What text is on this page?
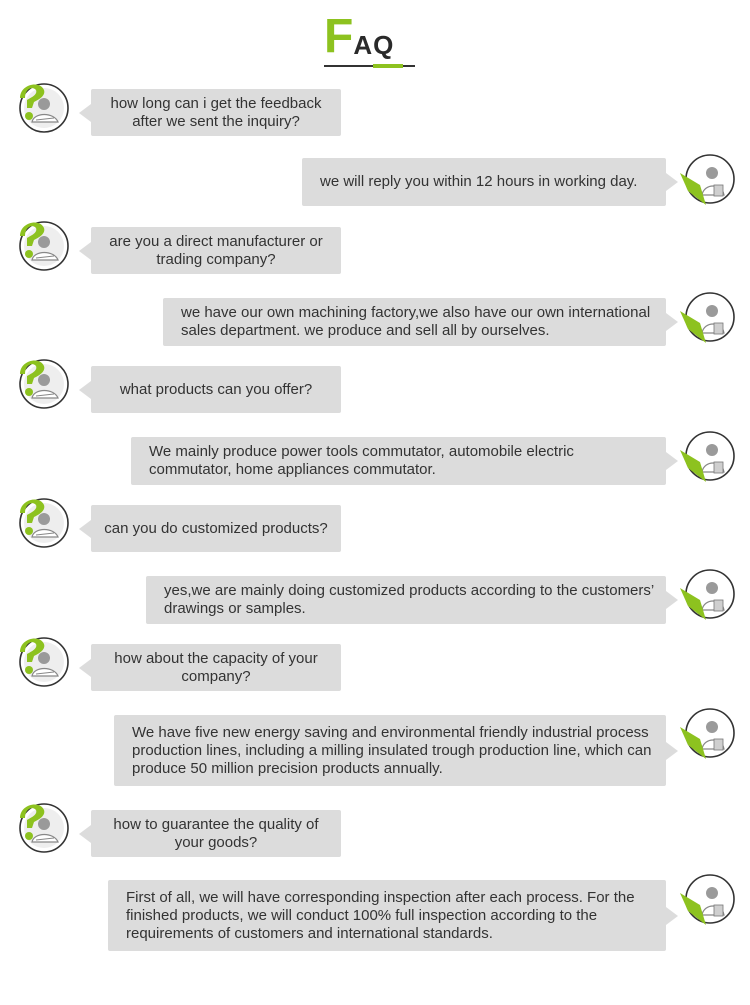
FAQ
how long can i get the feedback after we sent the inquiry?
we will reply you within 12 hours in working day.
are you a direct manufacturer or trading company?
we have our own machining factory,we also have our own international sales department. we produce and sell all by ourselves.
what products can you offer?
We mainly produce power tools commutator, automobile electric commutator, home appliances commutator.
can you do customized products?
yes,we are mainly doing customized products according to the customers’ drawings or samples.
how about the capacity of your company?
We have five new energy saving and environmental friendly industrial process production lines, including a milling insulated trough production line, which can produce 50 million precision products annually.
how to guarantee the quality of your goods?
First of all, we will have corresponding inspection after each process. For the finished products, we will conduct 100% full inspection according to the requirements of customers and international standards.
